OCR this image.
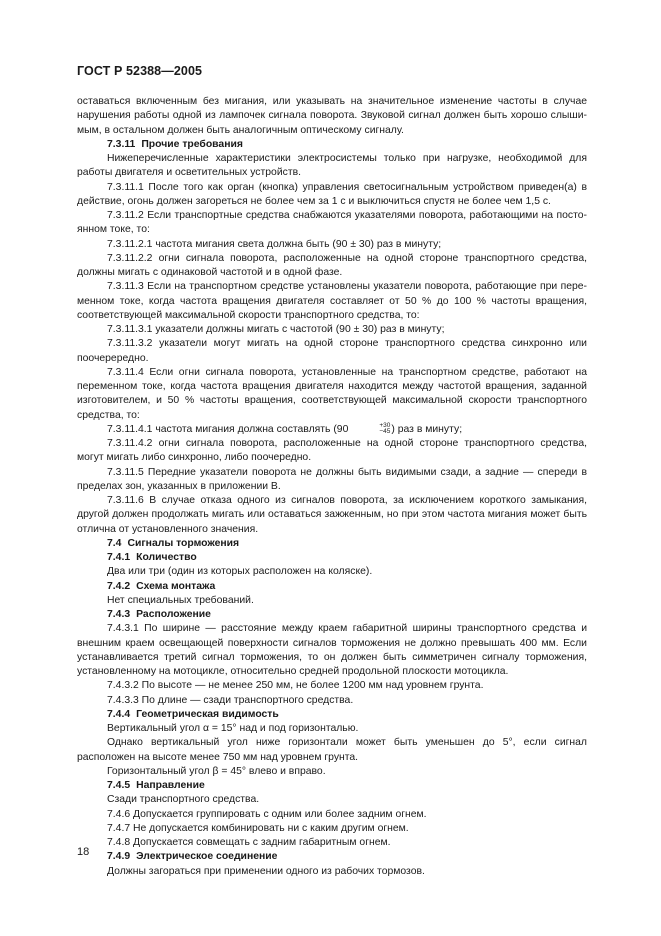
ГОСТ Р 52388—2005

оставаться включенным без мигания, или указывать на значительное изменение частоты в случае нарушения работы одной из лампочек сигнала поворота. Звуковой сигнал должен быть хорошо слышимым, в остальном должен быть аналогичным оптическому сигналу.

7.3.11 Прочие требования

Нижеперечисленные характеристики электросистемы только при нагрузке, необходимой для работы двигателя и осветительных устройств.

7.3.11.1 После того как орган (кнопка) управления светосигнальным устройством приведен(а) в действие, огонь должен загореться не более чем за 1 с и выключиться спустя не более чем 1,5 с.

7.3.11.2 Если транспортные средства снабжаются указателями поворота, работающими на постоянном токе, то:

7.3.11.2.1 частота мигания света должна быть (90 ± 30) раз в минуту;

7.3.11.2.2 огни сигнала поворота, расположенные на одной стороне транспортного средства, должны мигать с одинаковой частотой и в одной фазе.

7.3.11.3 Если на транспортном средстве установлены указатели поворота, работающие при переменном токе, когда частота вращения двигателя составляет от 50 % до 100 % частоты вращения, соответствующей максимальной скорости транспортного средства, то:

7.3.11.3.1 указатели должны мигать с частотой (90 ± 30) раз в минуту;

7.3.11.3.2 указатели могут мигать на одной стороне транспортного средства синхронно или поочерередно.

7.3.11.4 Если огни сигнала поворота, установленные на транспортном средстве, работают на переменном токе, когда частота вращения двигателя находится между частотой вращения, заданной изготовителем, и 50 % частоты вращения, соответствующей максимальной скорости транспортного средства, то:

7.3.11.4.1 частота мигания должна составлять (90	+30
−45 ) раз в минуту;

7.3.11.4.2 огни сигнала поворота, расположенные на одной стороне транспортного средства, могут мигать либо синхронно, либо поочередно.

7.3.11.5 Передние указатели поворота не должны быть видимыми сзади, а задние — спереди в пределах зон, указанных в приложении В.

7.3.11.6 В случае отказа одного из сигналов поворота, за исключением короткого замыкания, другой должен продолжать мигать или оставаться зажженным, но при этом частота мигания может быть отлична от установленного значения.

7.4 Сигналы торможения

7.4.1 Количество

Два или три (один из которых расположен на коляске).

7.4.2 Схема монтажа

Нет специальных требований.

7.4.3 Расположение

7.4.3.1 По ширине — расстояние между краем габаритной ширины транспортного средства и внешним краем освещающей поверхности сигналов торможения не должно превышать 400 мм. Если устанавливается третий сигнал торможения, то он должен быть симметричен сигналу торможения, установленному на мотоцикле, относительно средней продольной плоскости мотоцикла.

7.4.3.2 По высоте — не менее 250 мм, не более 1200 мм над уровнем грунта.

7.4.3.3 По длине — сзади транспортного средства.

7.4.4 Геометрическая видимость

Вертикальный угол α = 15° над и под горизонталью.

Однако вертикальный угол ниже горизонтали может быть уменьшен до 5°, если сигнал расположен на высоте менее 750 мм над уровнем грунта.

Горизонтальный угол β = 45° влево и вправо.

7.4.5 Направление

Сзади транспортного средства.

7.4.6 Допускается группировать с одним или более задним огнем.

7.4.7 Не допускается комбинировать ни с каким другим огнем.

7.4.8 Допускается совмещать с задним габаритным огнем.

7.4.9 Электрическое соединение

Должны загораться при применении одного из рабочих тормозов.

18
